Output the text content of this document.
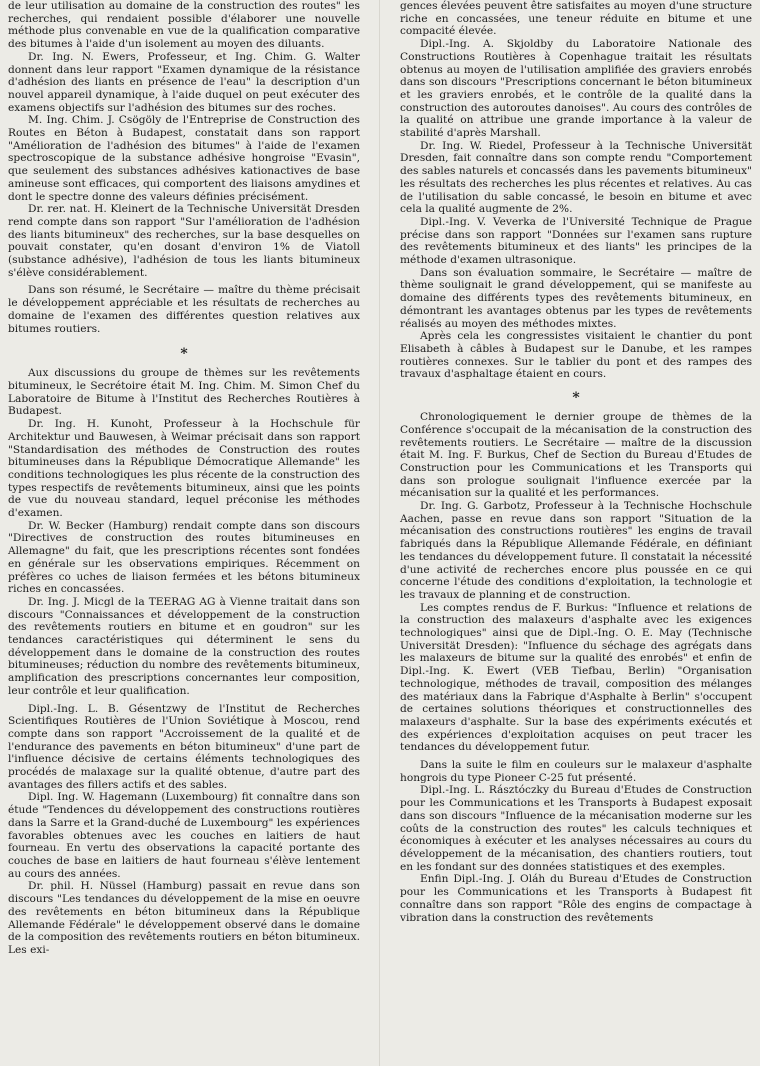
de leur utilisation au domaine de la construction des routes" les recherches, qui rendaient possible d'élaborer une nouvelle méthode plus convenable en vue de la qualification comparative des bitumes à l'aide d'un isolement au moyen des diluants.

Dr. Ing. N. Ewers, Professeur, et Ing. Chim. G. Walter donnent dans leur rapport "Examen dynamique de la résistance d'adhésion des liants en présence de l'eau" la description d'un nouvel appareil dynamique, à l'aide duquel on peut exécuter des examens objectifs sur l'adhésion des bitumes sur des roches.

M. Ing. Chim. J. Csögöly de l'Entreprise de Construction des Routes en Béton à Budapest, constatait dans son rapport "Amélioration de l'adhésion des bitumes" à l'aide de l'examen spectroscopique de la substance adhésive hongroise "Evasin", que seulement des substances adhésives kationactives de base amineuse sont efficaces, qui comportent des liaisons amydines et dont le spectre donne des valeurs définies précisément.

Dr. rer. nat. H. Kleinert de la Technische Universität Dresden rend compte dans son rapport "Sur l'amélioration de l'adhésion des liants bitumineux" des recherches, sur la base desquelles on pouvait constater, qu'en dosant d'environ 1% de Viatoll (substance adhésive), l'adhésion de tous les liants bitumineux s'élève considérablement.

Dans son résumé, le Secrétaire — maître du thème précisait le développement appréciable et les résultats de recherches au domaine de l'examen des différentes question relatives aux bitumes routiers.

*

Aux discussions du groupe de thèmes sur les revêtements bitumineux, le Secrétoire était M. Ing. Chim. M. Simon Chef du Laboratoire de Bitume à l'Institut des Recherches Routières à Budapest.

Dr. Ing. H. Kunoht, Professeur à la Hochschule für Architektur und Bauwesen, à Weimar précisait dans son rapport "Standardisation des méthodes de Construction des routes bitumineuses dans la République Démocratique Allemande" les conditions technologiques les plus récente de la construction des types respectifs de revêtements bitumineux, ainsi que les points de vue du nouveau standard, lequel préconise les méthodes d'examen.

Dr. W. Becker (Hamburg) rendait compte dans son discours "Directives de construction des routes bitumineuses en Allemagne" du fait, que les prescriptions récentes sont fondées en générale sur les observations empiriques. Récemment on préfères co uches de liaison fermées et les bétons bitumineux riches en concassées.

Dr. Ing. J. Micgl de la TEERAG AG à Vienne traitait dans son discours "Connaissances et développement de la construction des revêtements routiers en bitume et en goudron" sur les tendances caractéristiques qui déterminent le sens du développement dans le domaine de la construction des routes bitumineuses; réduction du nombre des revêtements bitumineux, amplification des prescriptions concernantes leur composition, leur contrôle et leur qualification.

Dipl.-Ing. L. B. Gésentzwy de l'Institut de Recherches Scientifiques Routières de l'Union Soviétique à Moscou, rend compte dans son rapport "Accroissement de la qualité et de l'endurance des pavements en béton bitumineux" d'une part de l'influence décisive de certains éléments technologiques des procédés de malaxage sur la qualité obtenue, d'autre part des avantages des fillers actifs et des sables.

Dipl. Ing. W. Hagemann (Luxembourg) fit connaître dans son étude "Tendences du développement des constructions routières dans la Sarre et la Grand-duché de Luxembourg" les expériences favorables obtenues avec les couches en laitiers de haut fourneau. En vertu des observations la capacité portante des couches de base en laitiers de haut fourneau s'élève lentement au cours des années.

Dr. phil. H. Nüssel (Hamburg) passait en revue dans son discours "Les tendances du développement de la mise en oeuvre des revêtements en béton bitumineux dans la République Allemande Fédérale" le développement observé dans le domaine de la composition des revêtements routiers en béton bitumineux. Les exi-

gences élevées peuvent être satisfaites au moyen d'une structure riche en concassées, une teneur réduite en bitume et une compacité élevée.

Dipl.-Ing. A. Skjoldby du Laboratoire Nationale des Constructions Routières à Copenhague traitait les résultats obtenus au moyen de l'utilisation amplifiée des graviers enrobés dans son discours "Prescriptions concernant le béton bitumineux et les graviers enrobés, et le contrôle de la qualité dans la construction des autoroutes danoises". Au cours des contrôles de la qualité on attribue une grande importance à la valeur de stabilité d'après Marshall.

Dr. Ing. W. Riedel, Professeur à la Technische Universität Dresden, fait connaître dans son compte rendu "Comportement des sables naturels et concassés dans les pavements bitumineux" les résultats des recherches les plus récentes et relatives. Au cas de l'utilisation du sable concassé, le besoin en bitume et avec cela la qualité augmente de 2%.

Dipl.-Ing. V. Veverka de l'Université Technique de Prague précise dans son rapport "Données sur l'examen sans rupture des revêtements bitumineux et des liants" les principes de la méthode d'examen ultrasonique.

Dans son évaluation sommaire, le Secrétaire — maître de thème soulignait le grand développement, qui se manifeste au domaine des différents types des revêtements bitumineux, en démontrant les avantages obtenus par les types de revêtements réalisés au moyen des méthodes mixtes.

Après cela les congressistes visitaient le chantier du pont Elisabeth à câbles à Budapest sur le Danube, et les rampes routières connexes. Sur le tablier du pont et des rampes des travaux d'asphaltage étaient en cours.

*

Chronologiquement le dernier groupe de thèmes de la Conférence s'occupait de la mécanisation de la construction des revêtements routiers. Le Secrétaire — maître de la discussion était M. Ing. F. Burkus, Chef de Section du Bureau d'Etudes de Construction pour les Communications et les Transports qui dans son prologue soulignait l'influence exercée par la mécanisation sur la qualité et les performances.

Dr. Ing. G. Garbotz, Professeur à la Technische Hochschule Aachen, passe en revue dans son rapport "Situation de la mécanisation des constructions routières" les engins de travail fabriqués dans la République Allemande Fédérale, en définiant les tendances du développement future. Il constatait la nécessité d'une activité de recherches encore plus poussée en ce qui concerne l'étude des conditions d'exploitation, la technologie et les travaux de planning et de construction.

Les comptes rendus de F. Burkus: "Influence et relations de la construction des malaxeurs d'asphalte avec les exigences technologiques" ainsi que de Dipl.-Ing. O. E. May (Technische Universität Dresden): "Influence du séchage des agrégats dans les malaxeurs de bitume sur la qualité des enrobés" et enfin de Dipl.-Ing. K. Ewert (VEB Tiefbau, Berlin) "Organisation technologique, méthodes de travail, composition des mélanges des matériaux dans la Fabrique d'Asphalte à Berlin" s'occupent de certaines solutions théoriques et constructionnelles des malaxeurs d'asphalte. Sur la base des expériments exécutés et des expériences d'exploitation acquises on peut tracer les tendances du développement futur.

Dans la suite le film en couleurs sur le malaxeur d'asphalte hongrois du type Pioneer C-25 fut présenté.

Dipl.-Ing. L. Rásztóczky du Bureau d'Etudes de Construction pour les Communications et les Transports à Budapest exposait dans son discours "Influence de la mécanisation moderne sur les coûts de la construction des routes" les calculs techniques et économiques à exécuter et les analyses nécessaires au cours du développement de la mécanisation, des chantiers routiers, tout en les fondant sur des données statistiques et des exemples.

Enfin Dipl.-Ing. J. Oláh du Bureau d'Etudes de Construction pour les Communications et les Transports à Budapest fit connaître dans son rapport "Rôle des engins de compactage à vibration dans la construction des revêtements
